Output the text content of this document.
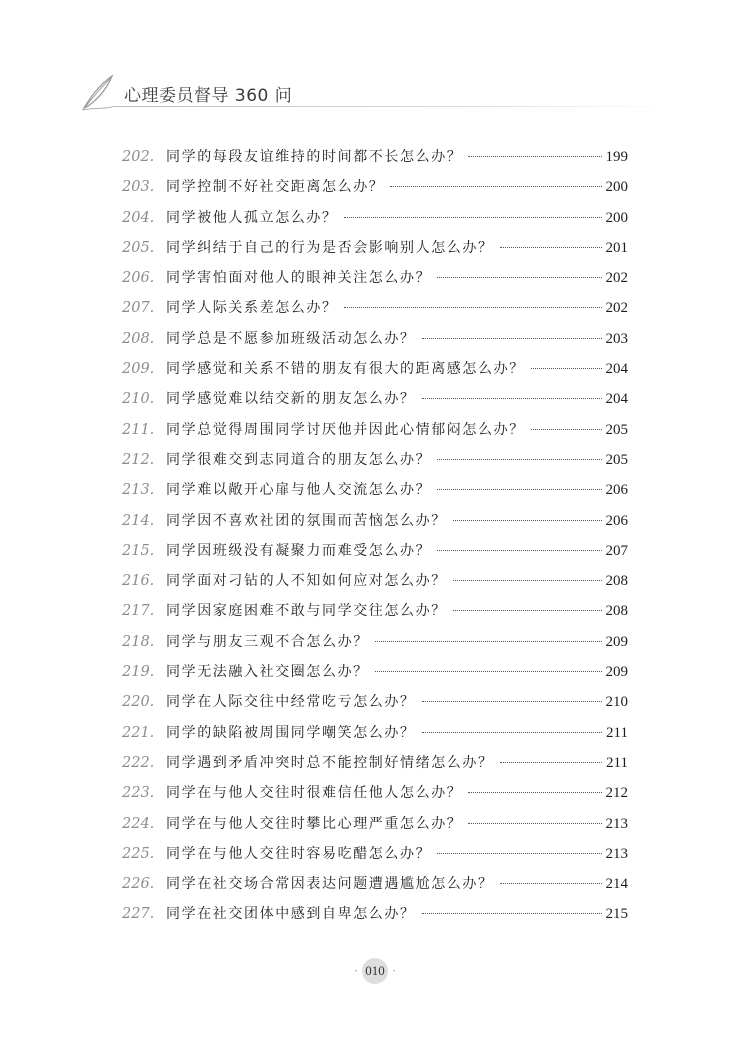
心理委员督导 360 问
202. 同学的每段友谊维持的时间都不长怎么办？	199
203. 同学控制不好社交距离怎么办？	200
204. 同学被他人孤立怎么办？	200
205. 同学纠结于自己的行为是否会影响别人怎么办？	201
206. 同学害怕面对他人的眼神关注怎么办？	202
207. 同学人际关系差怎么办？	202
208. 同学总是不愿参加班级活动怎么办？	203
209. 同学感觉和关系不错的朋友有很大的距离感怎么办？	204
210. 同学感觉难以结交新的朋友怎么办？	204
211. 同学总觉得周围同学讨厌他并因此心情郁闷怎么办？	205
212. 同学很难交到志同道合的朋友怎么办？	205
213. 同学难以敞开心扉与他人交流怎么办？	206
214. 同学因不喜欢社团的氛围而苦恼怎么办？	206
215. 同学因班级没有凝聚力而难受怎么办？	207
216. 同学面对刁钻的人不知如何应对怎么办？	208
217. 同学因家庭困难不敢与同学交往怎么办？	208
218. 同学与朋友三观不合怎么办？	209
219. 同学无法融入社交圈怎么办？	209
220. 同学在人际交往中经常吃亏怎么办？	210
221. 同学的缺陷被周围同学嘲笑怎么办？	211
222. 同学遇到矛盾冲突时总不能控制好情绪怎么办？	211
223. 同学在与他人交往时很难信任他人怎么办？	212
224. 同学在与他人交往时攀比心理严重怎么办？	213
225. 同学在与他人交往时容易吃醋怎么办？	213
226. 同学在社交场合常因表达问题遭遇尴尬怎么办？	214
227. 同学在社交团体中感到自卑怎么办？	215
· 010 ·
